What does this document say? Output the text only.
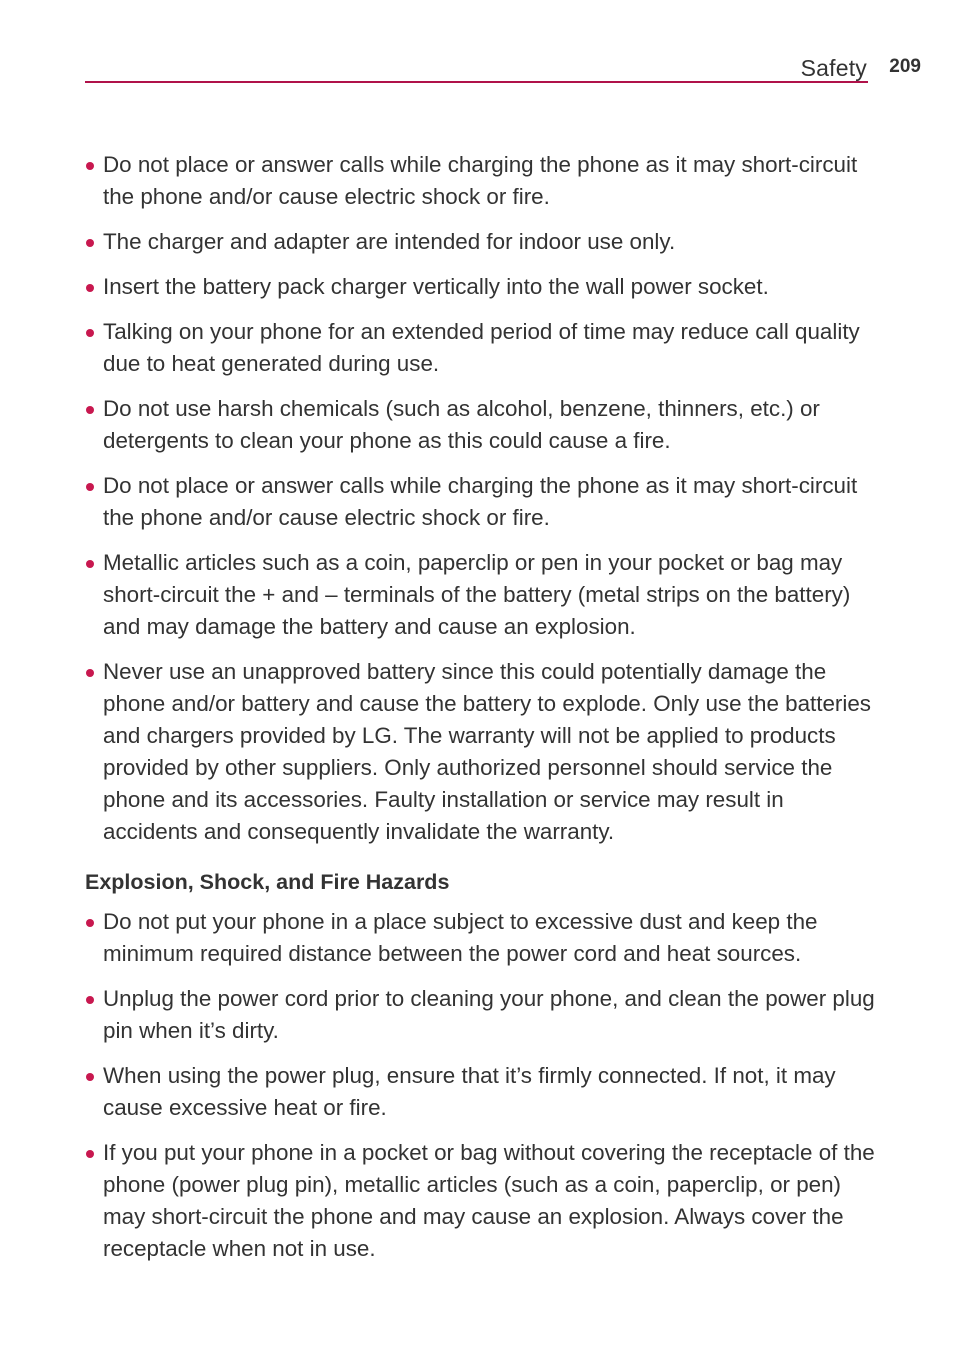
Safety 209
Do not place or answer calls while charging the phone as it may short-circuit the phone and/or cause electric shock or fire.
The charger and adapter are intended for indoor use only.
Insert the battery pack charger vertically into the wall power socket.
Talking on your phone for an extended period of time may reduce call quality due to heat generated during use.
Do not use harsh chemicals (such as alcohol, benzene, thinners, etc.) or detergents to clean your phone as this could cause a fire.
Do not place or answer calls while charging the phone as it may short-circuit the phone and/or cause electric shock or fire.
Metallic articles such as a coin, paperclip or pen in your pocket or bag may short-circuit the + and – terminals of the battery (metal strips on the battery) and may damage the battery and cause an explosion.
Never use an unapproved battery since this could potentially damage the phone and/or battery and cause the battery to explode. Only use the batteries and chargers provided by LG. The warranty will not be applied to products provided by other suppliers. Only authorized personnel should service the phone and its accessories. Faulty installation or service may result in accidents and consequently invalidate the warranty.
Explosion, Shock, and Fire Hazards
Do not put your phone in a place subject to excessive dust and keep the minimum required distance between the power cord and heat sources.
Unplug the power cord prior to cleaning your phone, and clean the power plug pin when it’s dirty.
When using the power plug, ensure that it’s firmly connected. If not, it may cause excessive heat or fire.
If you put your phone in a pocket or bag without covering the receptacle of the phone (power plug pin), metallic articles (such as a coin, paperclip, or pen) may short-circuit the phone and may cause an explosion. Always cover the receptacle when not in use.
